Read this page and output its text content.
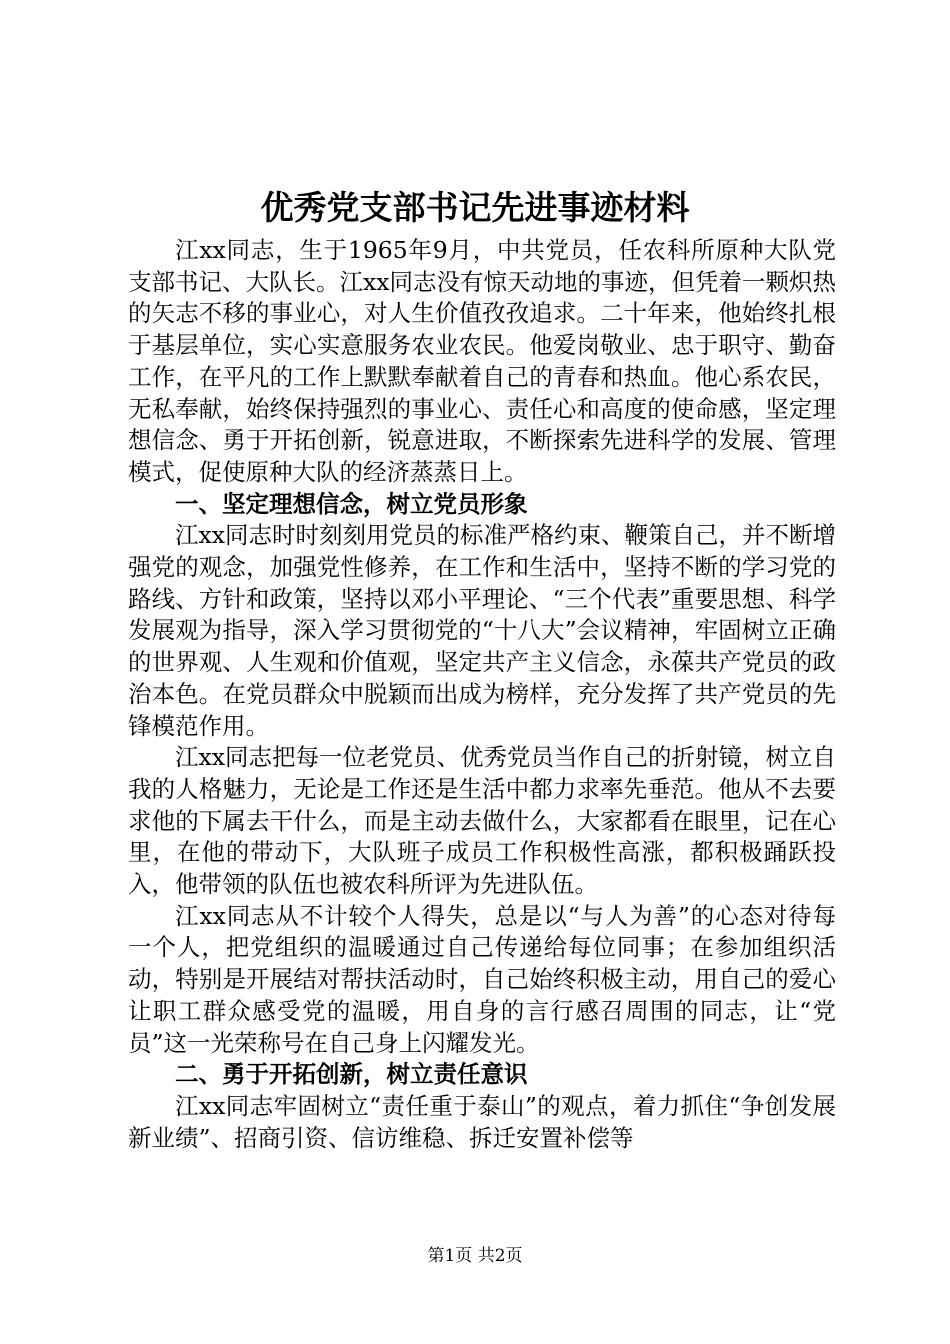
优秀党支部书记先进事迹材料

江xx同志，生于1965年9月，中共党员，任农科所原种大队党支部书记、大队长。江xx同志没有惊天动地的事迹，但凭着一颗炽热的矢志不移的事业心，对人生价值孜孜追求。二十年来，他始终扎根于基层单位，实心实意服务农业农民。他爱岗敬业、忠于职守、勤奋工作，在平凡的工作上默默奉献着自己的青春和热血。他心系农民，无私奉献，始终保持强烈的事业心、责任心和高度的使命感，坚定理想信念、勇于开拓创新，锐意进取，不断探索先进科学的发展、管理模式，促使原种大队的经济蒸蒸日上。

一、坚定理想信念，树立党员形象

江xx同志时时刻刻用党员的标准严格约束、鞭策自己，并不断增强党的观念，加强党性修养，在工作和生活中，坚持不断的学习党的路线、方针和政策，坚持以邓小平理论、“三个代表”重要思想、科学发展观为指导，深入学习贯彻党的“十八大”会议精神，牢固树立正确的世界观、人生观和价值观，坚定共产主义信念，永葆共产党员的政治本色。在党员群众中脱颖而出成为榜样，充分发挥了共产党员的先锋模范作用。

江xx同志把每一位老党员、优秀党员当作自己的折射镜，树立自我的人格魅力，无论是工作还是生活中都力求率先垂范。他从不去要求他的下属去干什么，而是主动去做什么，大家都看在眼里，记在心里，在他的带动下，大队班子成员工作积极性高涨，都积极踊跃投入，他带领的队伍也被农科所评为先进队伍。

江xx同志从不计较个人得失，总是以“与人为善”的心态对待每一个人，把党组织的温暖通过自己传递给每位同事；在参加组织活动，特别是开展结对帮扶活动时，自己始终积极主动，用自己的爱心让职工群众感受党的温暖，用自身的言行感召周围的同志，让“党员”这一光荣称号在自己身上闪耀发光。

二、勇于开拓创新，树立责任意识

江xx同志牢固树立“责任重于泰山”的观点，着力抓住“争创发展新业绩”、招商引资、信访维稳、拆迁安置补偿等

第1页 共2页
